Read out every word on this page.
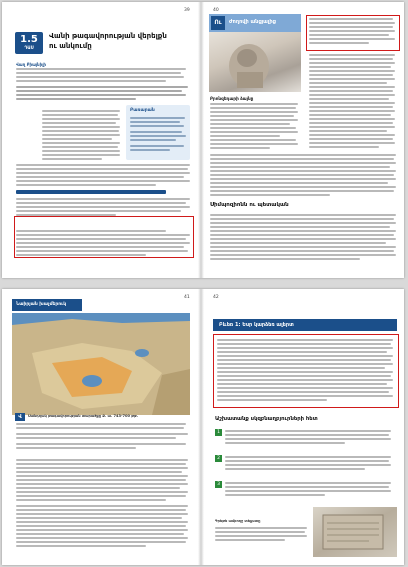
39
1.5
ԴԱՍ
Վանի թագավորության վերելքն
ու անկումը
Վաղ Բիայնիլի
Բառարան
40
Ու	Ժողովի անցյալից
Բրոնզեդարի ձայնը
Սիմպոզիոնն ու պետական
41
Նաիրյան խաչմերուկ
Վ	Սանդղակ թագավորության տարածքը Ք. ա. 743-700 թթ.
42
Բևեռ 1: Եսր կարձեռ ալերտ
Աշխատանք սկզբնաղբյուրների հետ
1
2
3
Գրեթե ամբողջ տեքստը
